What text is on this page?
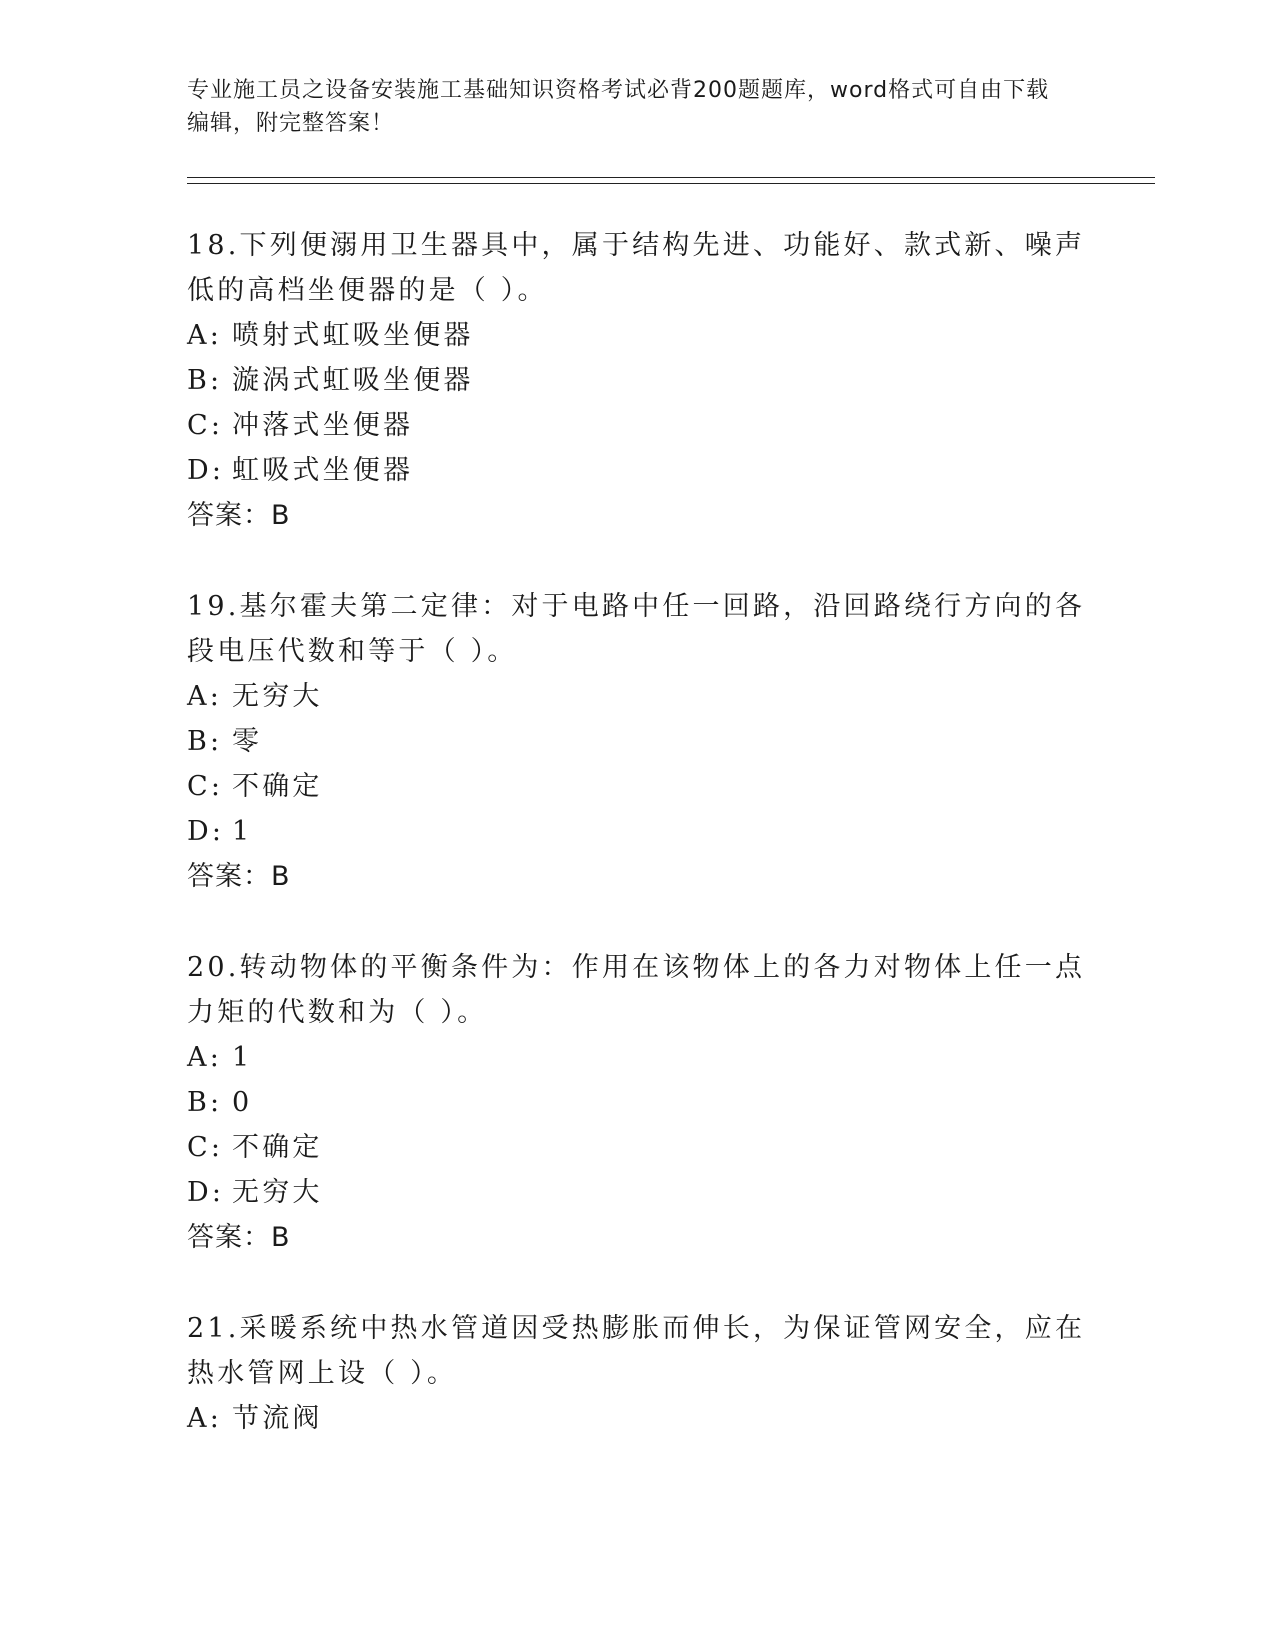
专业施工员之设备安装施工基础知识资格考试必背200题题库，word格式可自由下载编辑，附完整答案！

18.下列便溺用卫生器具中，属于结构先进、功能好、款式新、噪声低的高档坐便器的是（ ）。

A: 喷射式虹吸坐便器

B: 漩涡式虹吸坐便器

C: 冲落式坐便器

D: 虹吸式坐便器

答案：B

19.基尔霍夫第二定律：对于电路中任一回路，沿回路绕行方向的各段电压代数和等于（ ）。

A: 无穷大

B: 零

C: 不确定

D: 1

答案：B

20.转动物体的平衡条件为：作用在该物体上的各力对物体上任一点力矩的代数和为（ ）。

A: 1

B: 0

C: 不确定

D: 无穷大

答案：B

21.采暖系统中热水管道因受热膨胀而伸长，为保证管网安全，应在热水管网上设（ ）。

A: 节流阀
